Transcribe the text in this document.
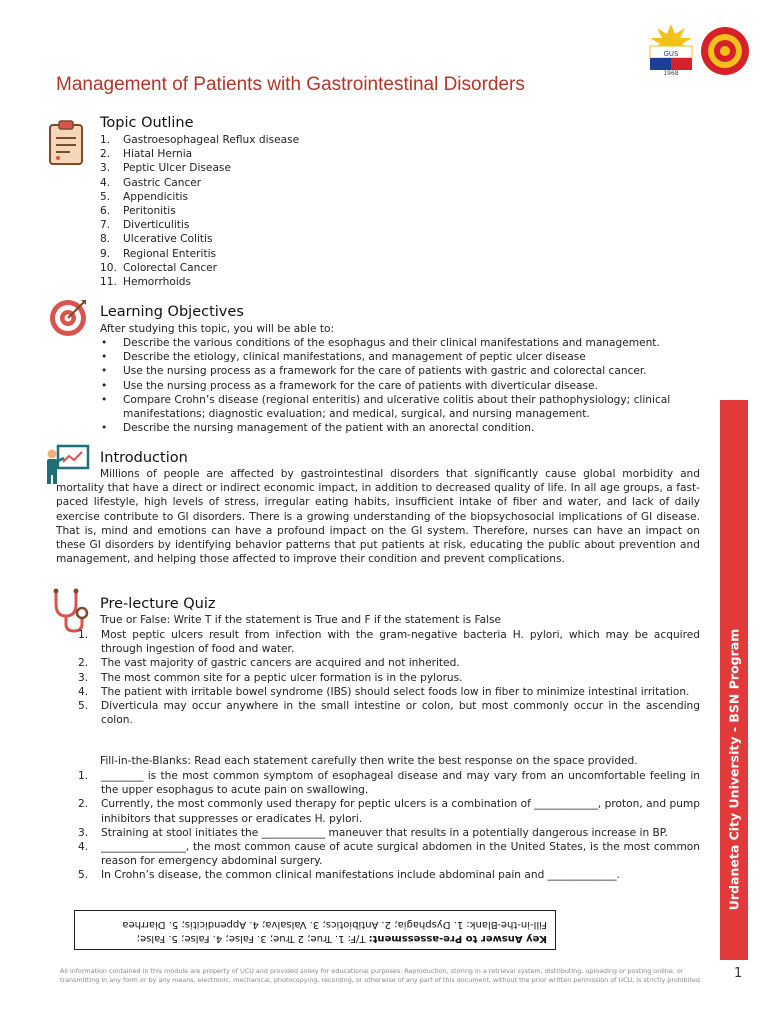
GUS
1968
Management of Patients with Gastrointestinal Disorders
Topic Outline
1. Gastroesophageal Reflux disease
2. Hiatal Hernia
3. Peptic Ulcer Disease
4. Gastric Cancer
5. Appendicitis
6. Peritonitis
7. Diverticulitis
8. Ulcerative Colitis
9. Regional Enteritis
10. Colorectal Cancer
11. Hemorrhoids
Learning Objectives
After studying this topic, you will be able to:
• Describe the various conditions of the esophagus and their clinical manifestations and management.
• Describe the etiology, clinical manifestations, and management of peptic ulcer disease
• Use the nursing process as a framework for the care of patients with gastric and colorectal cancer.
• Use the nursing process as a framework for the care of patients with diverticular disease.
• Compare Crohn’s disease (regional enteritis) and ulcerative colitis about their pathophysiology; clinical manifestations; diagnostic evaluation; and medical, surgical, and nursing management.
• Describe the nursing management of the patient with an anorectal condition.
Introduction

Millions of people are affected by gastrointestinal disorders that significantly cause global morbidity and mortality that have a direct or indirect economic impact, in addition to decreased quality of life. In all age groups, a fast-paced lifestyle, high levels of stress, irregular eating habits, insufficient intake of fiber and water, and lack of daily exercise contribute to GI disorders. There is a growing understanding of the biopsychosocial implications of GI disease. That is, mind and emotions can have a profound impact on the GI system. Therefore, nurses can have an impact on these GI disorders by identifying behavior patterns that put patients at risk, educating the public about prevention and management, and helping those affected to improve their condition and prevent complications.

Pre-lecture Quiz
True or False: Write T if the statement is True and F if the statement is False
1. Most peptic ulcers result from infection with the gram-negative bacteria H. pylori, which may be acquired through ingestion of food and water.
2. The vast majority of gastric cancers are acquired and not inherited.
3. The most common site for a peptic ulcer formation is in the pylorus.
4. The patient with irritable bowel syndrome (IBS) should select foods low in fiber to minimize intestinal irritation.
5. Diverticula may occur anywhere in the small intestine or colon, but most commonly occur in the ascending colon.
Fill-in-the-Blanks: Read each statement carefully then write the best response on the space provided.
1. ________ is the most common symptom of esophageal disease and may vary from an uncomfortable feeling in the upper esophagus to acute pain on swallowing.
2. Currently, the most commonly used therapy for peptic ulcers is a combination of ____________, proton, and pump inhibitors that suppresses or eradicates H. pylori.
3. Straining at stool initiates the ____________ maneuver that results in a potentially dangerous increase in BP.
4. ________________, the most common cause of acute surgical abdomen in the United States, is the most common reason for emergency abdominal surgery.
5. In Crohn’s disease, the common clinical manifestations include abdominal pain and _____________.
Key Answer to Pre-assessment: T/F: 1. True; 2 True; 3. False; 4. False; 5. False;
Fill-in-the-Blank: 1. Dysphagia; 2. Antibiotics; 3. Valsalva; 4. Appendicitis; 5. Diarrhea
Urdaneta City University - BSN Program
NCM-116
All information contained in this module are property of UCU and provided solely for educational purposes. Reproduction, storing in a retrieval system, distributing, uploading or posting online, or transmitting in any form or by any means, electronic, mechanical, photocopying, recording, or otherwise of any part of this document, without the prior written permission of UCU, is strictly prohibited.	1
